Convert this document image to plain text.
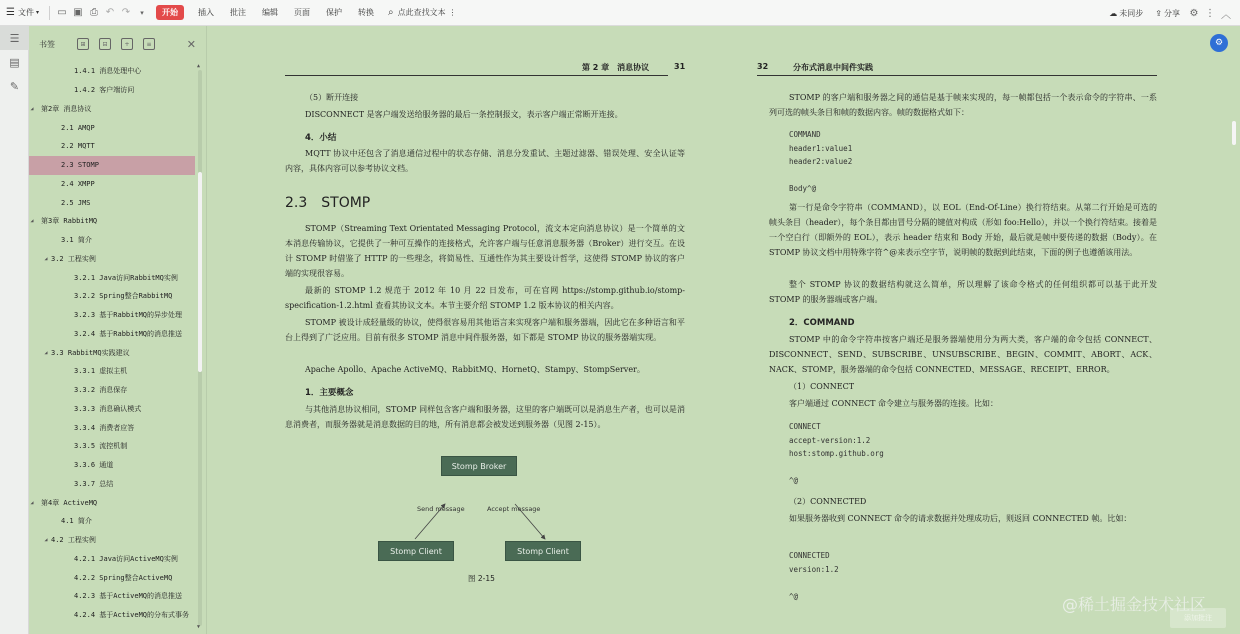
☰ 文件 ▾	▭ ▣ ⎙ ↶ ↷	▾	开始	插入	批注	编辑	页面	保护	转换	⌕ 点此查找文本 ⋮	☁ 未同步 ⇪ 分享 ⚙ ⋮ ︿
☰
▤
✎
书签	⊞	⊟	+	≡	✕
1.4.1 消息处理中心
1.4.2 客户端访问
◢	第2章 消息协议
2.1 AMQP
2.2 MQTT
2.3 STOMP
2.4 XMPP
2.5 JMS
◢	第3章 RabbitMQ
3.1 简介
◢ 3.2 工程实例
3.2.1 Java访问RabbitMQ实例
3.2.2 Spring整合RabbitMQ
3.2.3 基于RabbitMQ的异步处理
3.2.4 基于RabbitMQ的消息推送
◢ 3.3 RabbitMQ实践建议
3.3.1 虚拟主机
3.3.2 消息保存
3.3.3 消息确认模式
3.3.4 消费者应答
3.3.5 流控机制
3.3.6 通道
3.3.7 总结
◢	第4章 ActiveMQ
4.1 简介
◢ 4.2 工程实例
4.2.1 Java访问ActiveMQ实例
4.2.2 Spring整合ActiveMQ
4.2.3 基于ActiveMQ的消息推送
4.2.4 基于ActiveMQ的分布式事务
▲
▼
第 2 章　消息协议	31
（5）断开连接
DISCONNECT 是客户端发送给服务器的最后一条控制报文，表示客户端正常断开连接。
4．小结
MQTT 协议中还包含了消息通信过程中的状态存储、消息分发重试、主题过滤器、错误处理、安全认证等内容，具体内容可以参考协议文档。
2.3　STOMP
STOMP（Streaming Text Orientated Messaging Protocol，流文本定向消息协议）是一个简单的文本消息传输协议，它提供了一种可互操作的连接格式，允许客户端与任意消息服务器（Broker）进行交互。在设计 STOMP 时借鉴了 HTTP 的一些理念，将简易性、互通性作为其主要设计哲学，这使得 STOMP 协议的客户端的实现很容易。
最新的 STOMP 1.2 规范于 2012 年 10 月 22 日发布，可在官网 https://stomp.github.io/stomp-specification-1.2.html 查看其协议文本。本节主要介绍 STOMP 1.2 版本协议的相关内容。
STOMP 被设计成轻量级的协议，使得很容易用其他语言来实现客户端和服务器端，因此它在多种语言和平台上得到了广泛应用。目前有很多 STOMP 消息中间件服务器，如下都是 STOMP 协议的服务器端实现。
Apache Apollo、Apache ActiveMQ、RabbitMQ、HornetQ、Stampy、StompServer。
1．主要概念
与其他消息协议相同，STOMP 同样包含客户端和服务器，这里的客户端既可以是消息生产者，也可以是消息消费者，而服务器就是消息数据的目的地，所有消息都会被发送到服务器（见图 2-15）。
Stomp Broker
Send message	Accept message
Stomp Client	Stomp Client
图 2-15
32	分布式消息中间件实践
STOMP 的客户端和服务器之间的通信是基于帧来实现的，每一帧都包括一个表示命令的字符串、一系列可选的帧头条目和帧的数据内容。帧的数据格式如下：
COMMAND
header1:value1
header2:value2

Body^@
第一行是命令字符串（COMMAND），以 EOL（End-Of-Line）换行符结束。从第二行开始是可选的帧头条目（header），每个条目都由冒号分隔的键值对构成（形如 foo:Hello），并以一个换行符结束。接着是一个空白行（即额外的 EOL），表示 header 结束和 Body 开始，最后就是帧中要传递的数据（Body）。在 STOMP 协议文档中用特殊字符^@来表示空字节，说明帧的数据到此结束，下面的例子也遵循该用法。
整个 STOMP 协议的数据结构就这么简单，所以理解了该命令格式的任何组织都可以基于此开发 STOMP 的服务器端或客户端。
2．COMMAND
STOMP 中的命令字符串按客户端还是服务器端使用分为两大类，客户端的命令包括 CONNECT、DISCONNECT、SEND、SUBSCRIBE、UNSUBSCRIBE、BEGIN、COMMIT、ABORT、ACK、NACK、STOMP，服务器端的命令包括 CONNECTED、MESSAGE、RECEIPT、ERROR。
（1）CONNECT
客户端通过 CONNECT 命令建立与服务器的连接。比如：
CONNECT
accept-version:1.2
host:stomp.github.org

^@
（2）CONNECTED
如果服务器收到 CONNECT 命令的请求数据并处理成功后，则返回 CONNECTED 帧。比如：
CONNECTED
version:1.2

^@
⚙
添加批注
@稀土掘金技术社区
